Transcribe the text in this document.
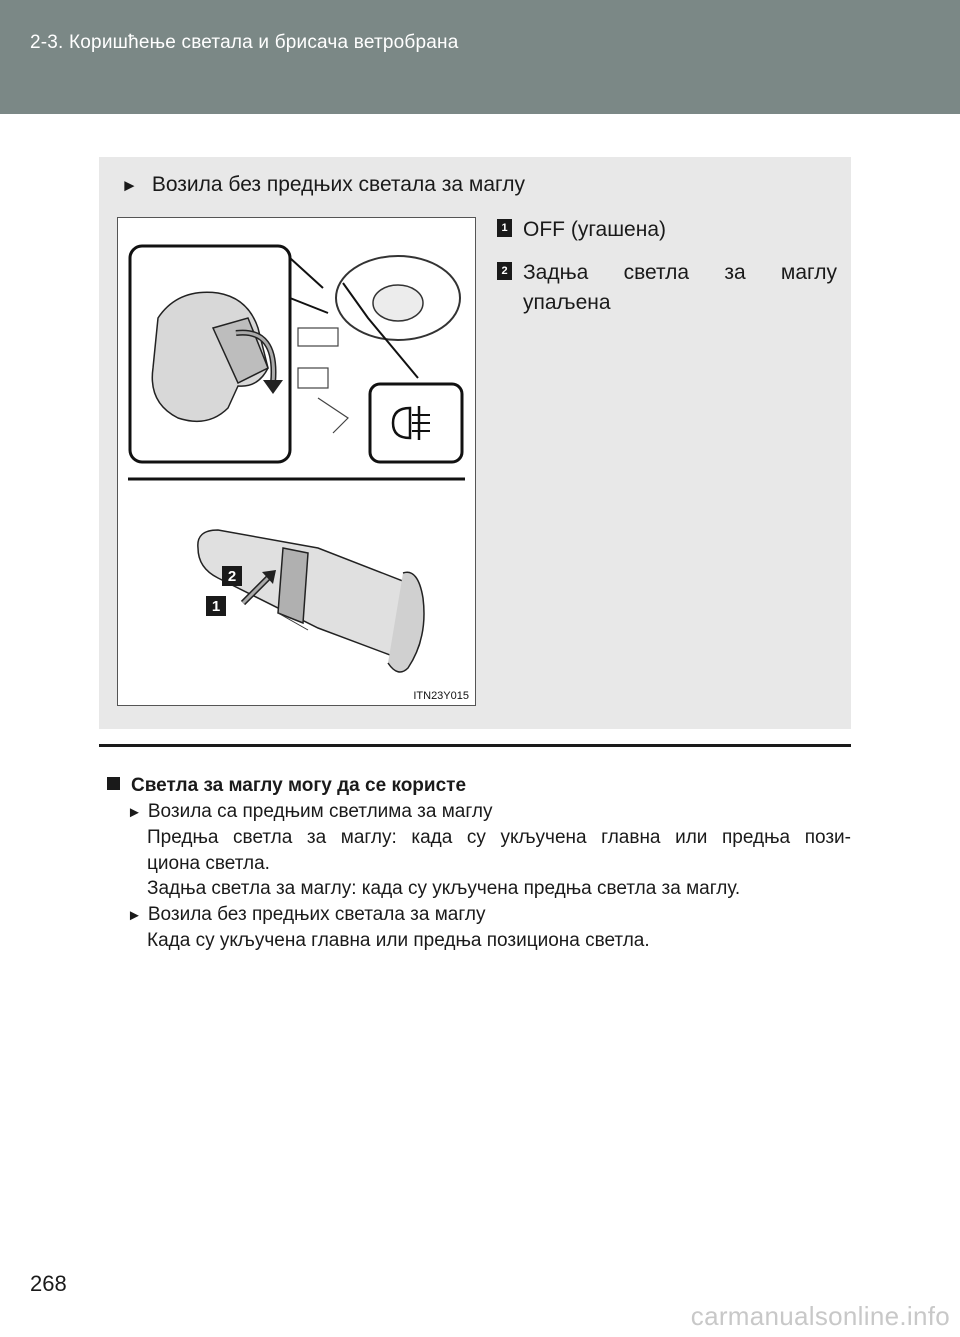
2-3. Коришћење светала и брисача ветробрана
► Возила без предњих светала за маглу
2
1
ITN23Y015
1 OFF (угашена)
2 Задња светла за маглу
упаљена
Светла за маглу могу да се користе
► Возила са предњим светлима за маглу
Предња светла за маглу: када су укључена главна или предња пози-
циона светла.
Задња светла за маглу: када су укључена предња светла за маглу.
► Возила без предњих светала за маглу
Када су укључена главна или предња позициона светла.
268
carmanualsonline.info
